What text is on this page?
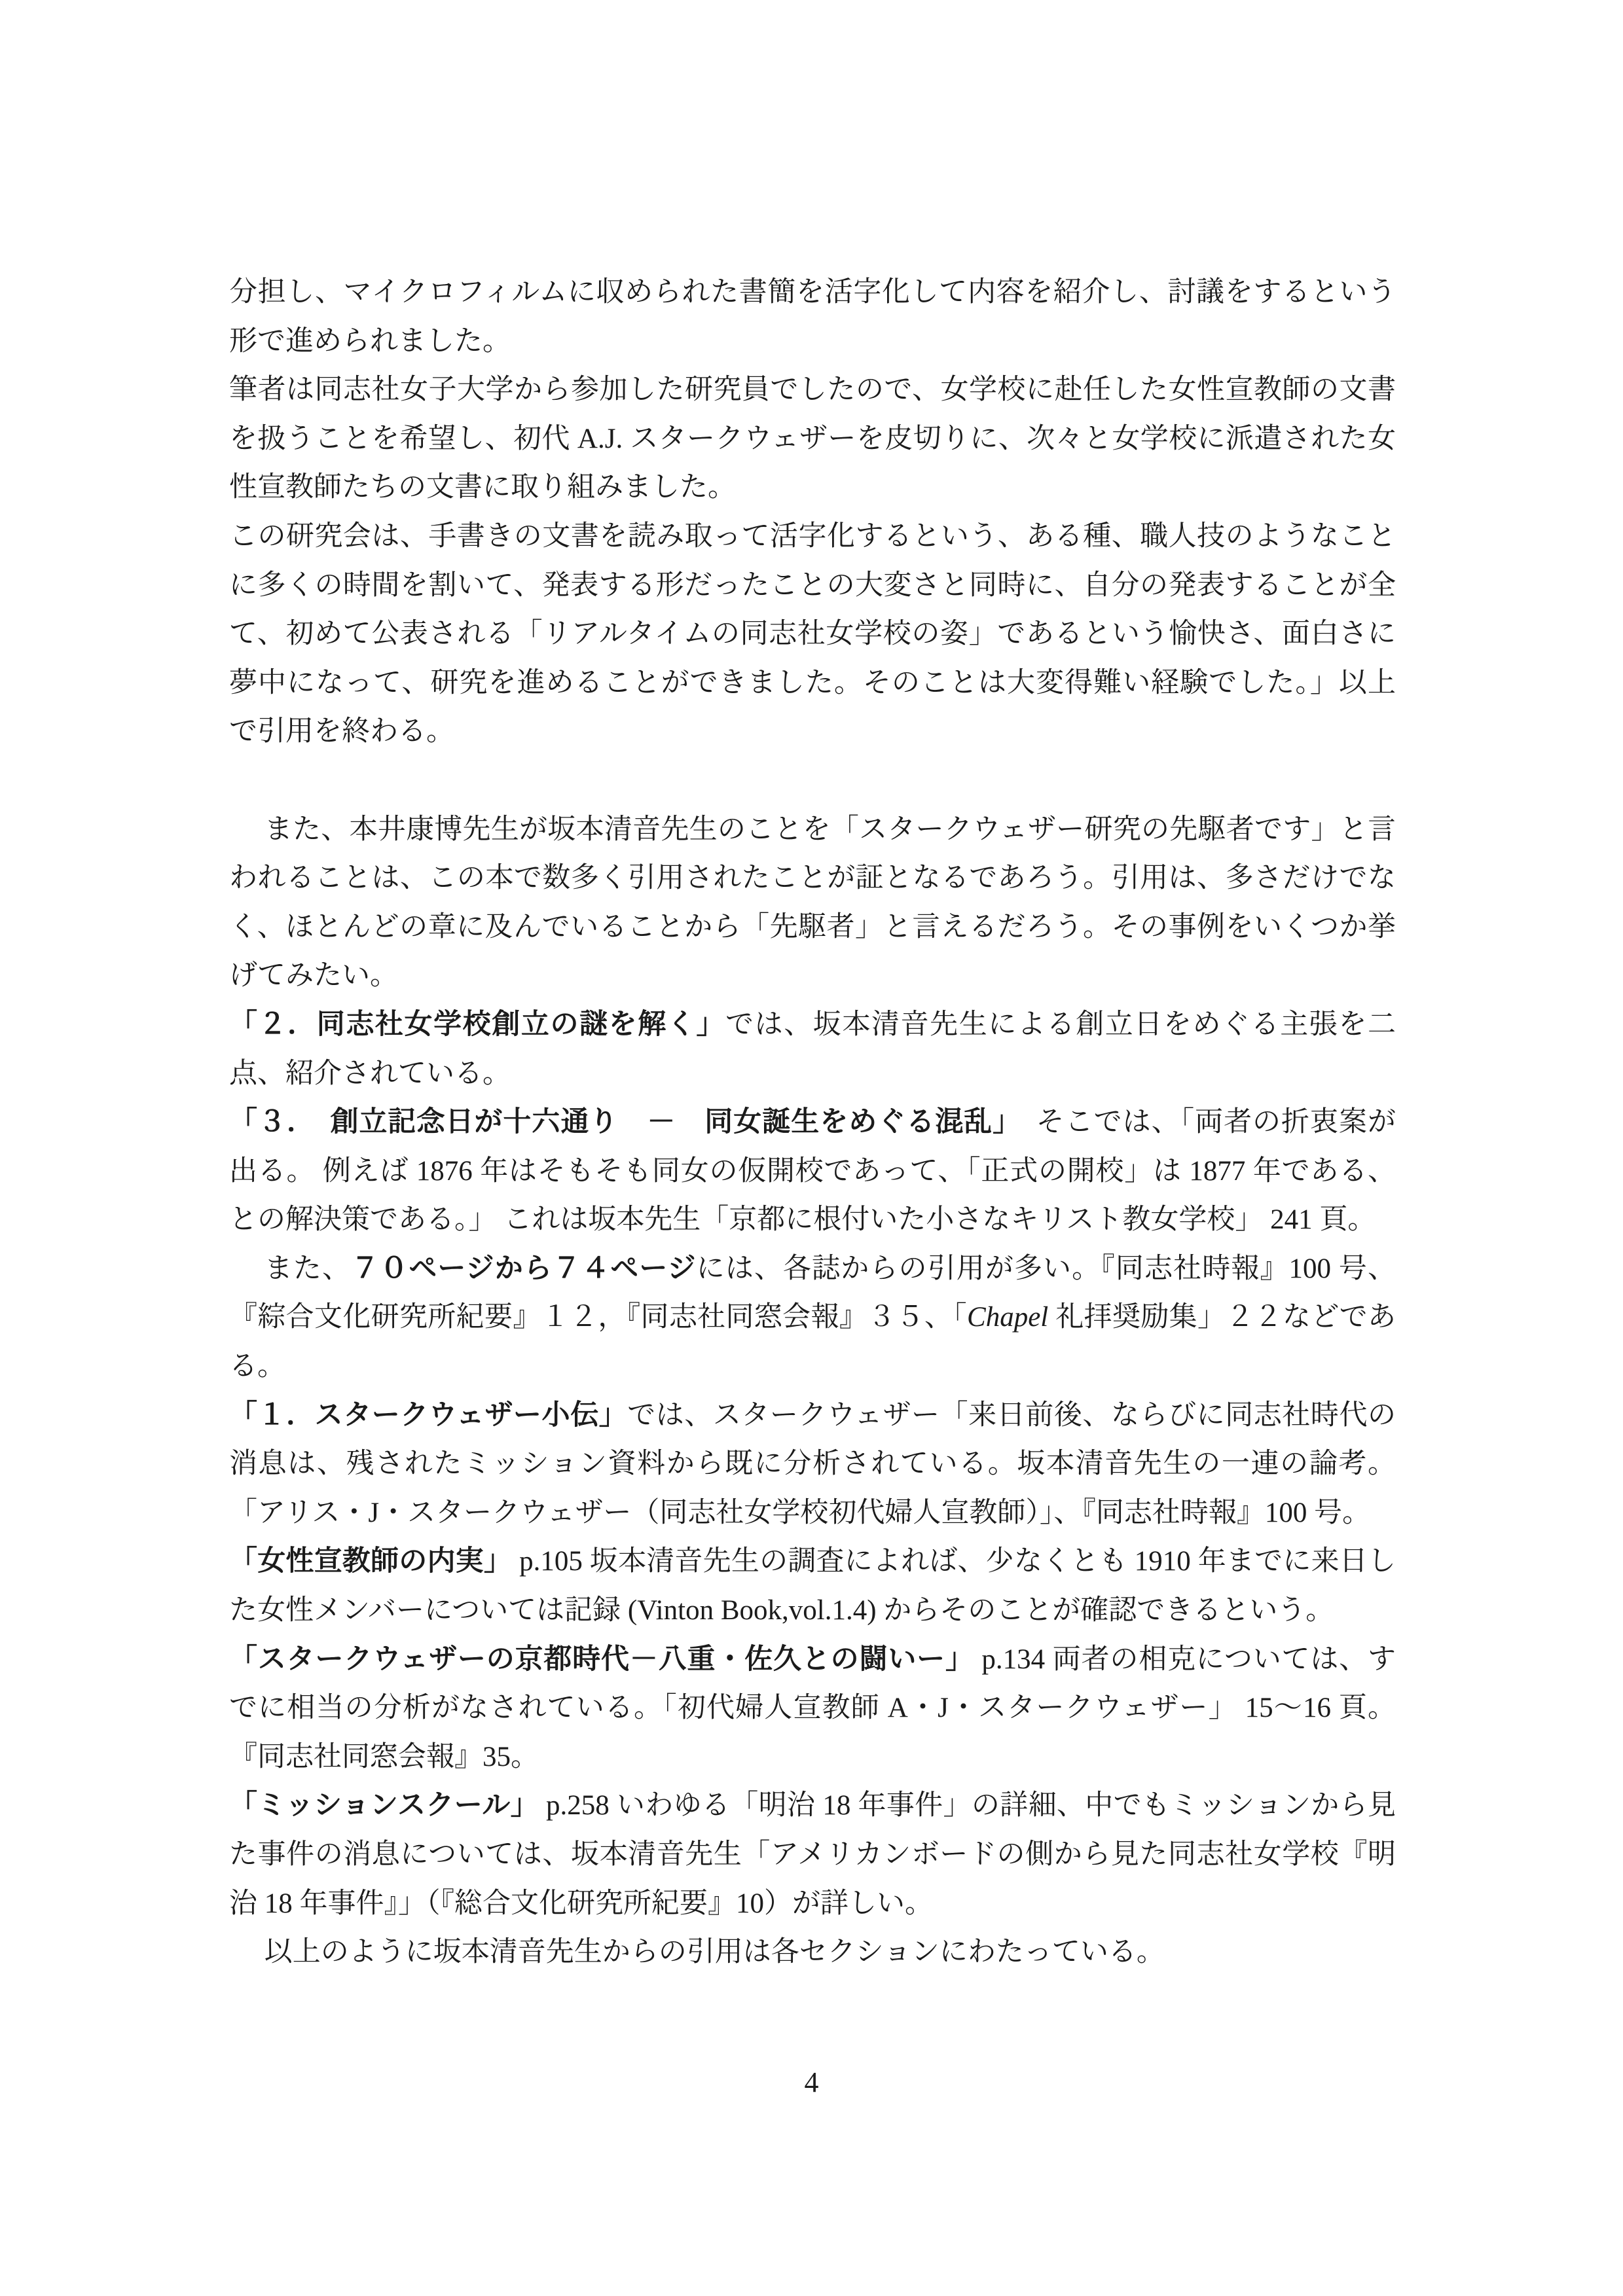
分担し、マイクロフィルムに収められた書簡を活字化して内容を紹介し、討議をするという形で進められました。

筆者は同志社女子大学から参加した研究員でしたので、女学校に赴任した女性宣教師の文書を扱うことを希望し、初代 A.J. スタークウェザーを皮切りに、次々と女学校に派遣された女性宣教師たちの文書に取り組みました。

この研究会は、手書きの文書を読み取って活字化するという、ある種、職人技のようなことに多くの時間を割いて、発表する形だったことの大変さと同時に、自分の発表することが全て、初めて公表される「リアルタイムの同志社女学校の姿」であるという愉快さ、面白さに夢中になって、研究を進めることができました。そのことは大変得難い経験でした。」以上で引用を終わる。

また、本井康博先生が坂本清音先生のことを「スタークウェザー研究の先駆者です」と言われることは、この本で数多く引用されたことが証となるであろう。引用は、多さだけでなく、ほとんどの章に及んでいることから「先駆者」と言えるだろう。その事例をいくつか挙げてみたい。

「２．同志社女学校創立の謎を解く」では、坂本清音先生による創立日をめぐる主張を二点、紹介されている。

「３．　創立記念日が十六通り　－　同女誕生をめぐる混乱」　そこでは、「両者の折衷案が出る。 例えば 1876 年はそもそも同女の仮開校であって、「正式の開校」は 1877 年である、との解決策である。」 これは坂本先生「京都に根付いた小さなキリスト教女学校」 241 頁。

また、７０ページから７４ページには、各誌からの引用が多い。『同志社時報』100 号、『綜合文化研究所紀要』１２，『同志社同窓会報』３５、「Chapel 礼拝奨励集」２２などである。

「１．スタークウェザー小伝」では、スタークウェザー「来日前後、ならびに同志社時代の消息は、残されたミッション資料から既に分析されている。坂本清音先生の一連の論考。「アリス・J・スタークウェザー（同志社女学校初代婦人宣教師）」、『同志社時報』100 号。

「女性宣教師の内実」 p.105 坂本清音先生の調査によれば、少なくとも 1910 年までに来日した女性メンバーについては記録 (Vinton Book,vol.1.4) からそのことが確認できるという。

「スタークウェザーの京都時代－八重・佐久との闘いー」 p.134 両者の相克については、すでに相当の分析がなされている。「初代婦人宣教師 A・J・スタークウェザー」 15～16 頁。『同志社同窓会報』35。

「ミッションスクール」 p.258 いわゆる「明治 18 年事件」の詳細、中でもミッションから見た事件の消息については、坂本清音先生「アメリカンボードの側から見た同志社女学校『明治 18 年事件』」（『総合文化研究所紀要』10）が詳しい。

以上のように坂本清音先生からの引用は各セクションにわたっている。

4
